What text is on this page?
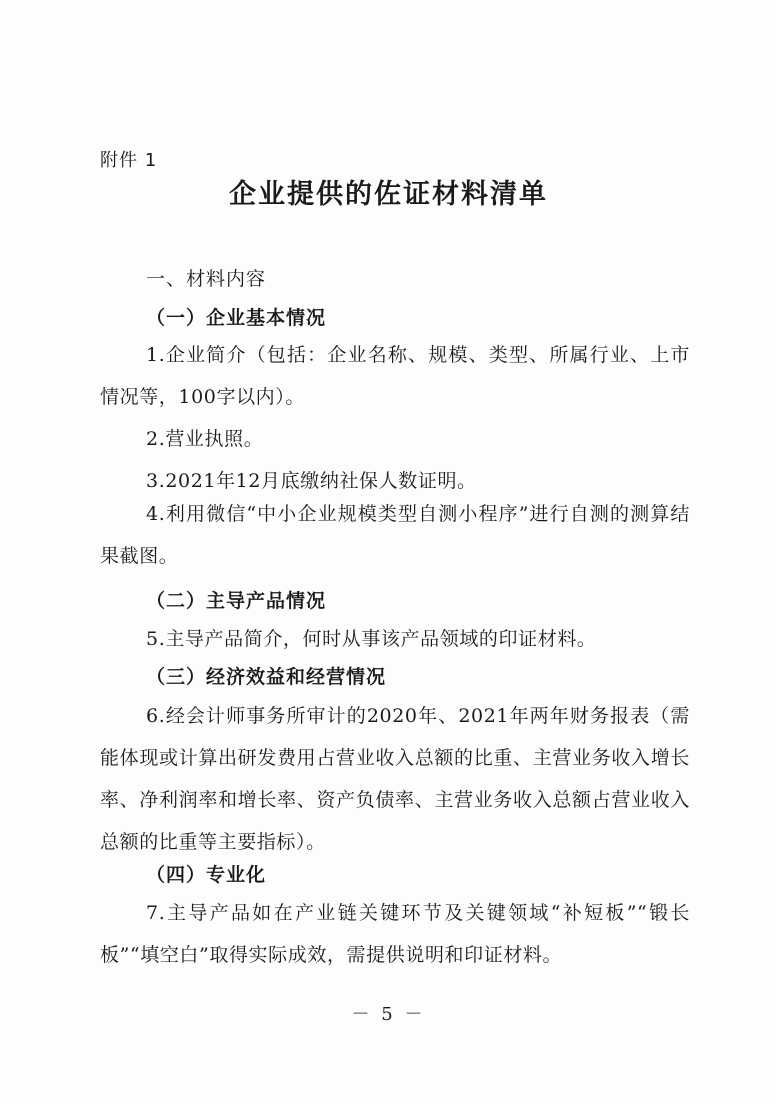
附件 1
企业提供的佐证材料清单
一、材料内容
（一）企业基本情况
1.企业简介（包括：企业名称、规模、类型、所属行业、上市情况等，100字以内）。
2.营业执照。
3.2021年12月底缴纳社保人数证明。
4.利用微信“中小企业规模类型自测小程序”进行自测的测算结果截图。
（二）主导产品情况
5.主导产品简介，何时从事该产品领域的印证材料。
（三）经济效益和经营情况
6.经会计师事务所审计的2020年、2021年两年财务报表（需能体现或计算出研发费用占营业收入总额的比重、主营业务收入增长率、净利润率和增长率、资产负债率、主营业务收入总额占营业收入总额的比重等主要指标）。
（四）专业化
7.主导产品如在产业链关键环节及关键领域“补短板”“锻长板”“填空白”取得实际成效，需提供说明和印证材料。
－ 5 －
